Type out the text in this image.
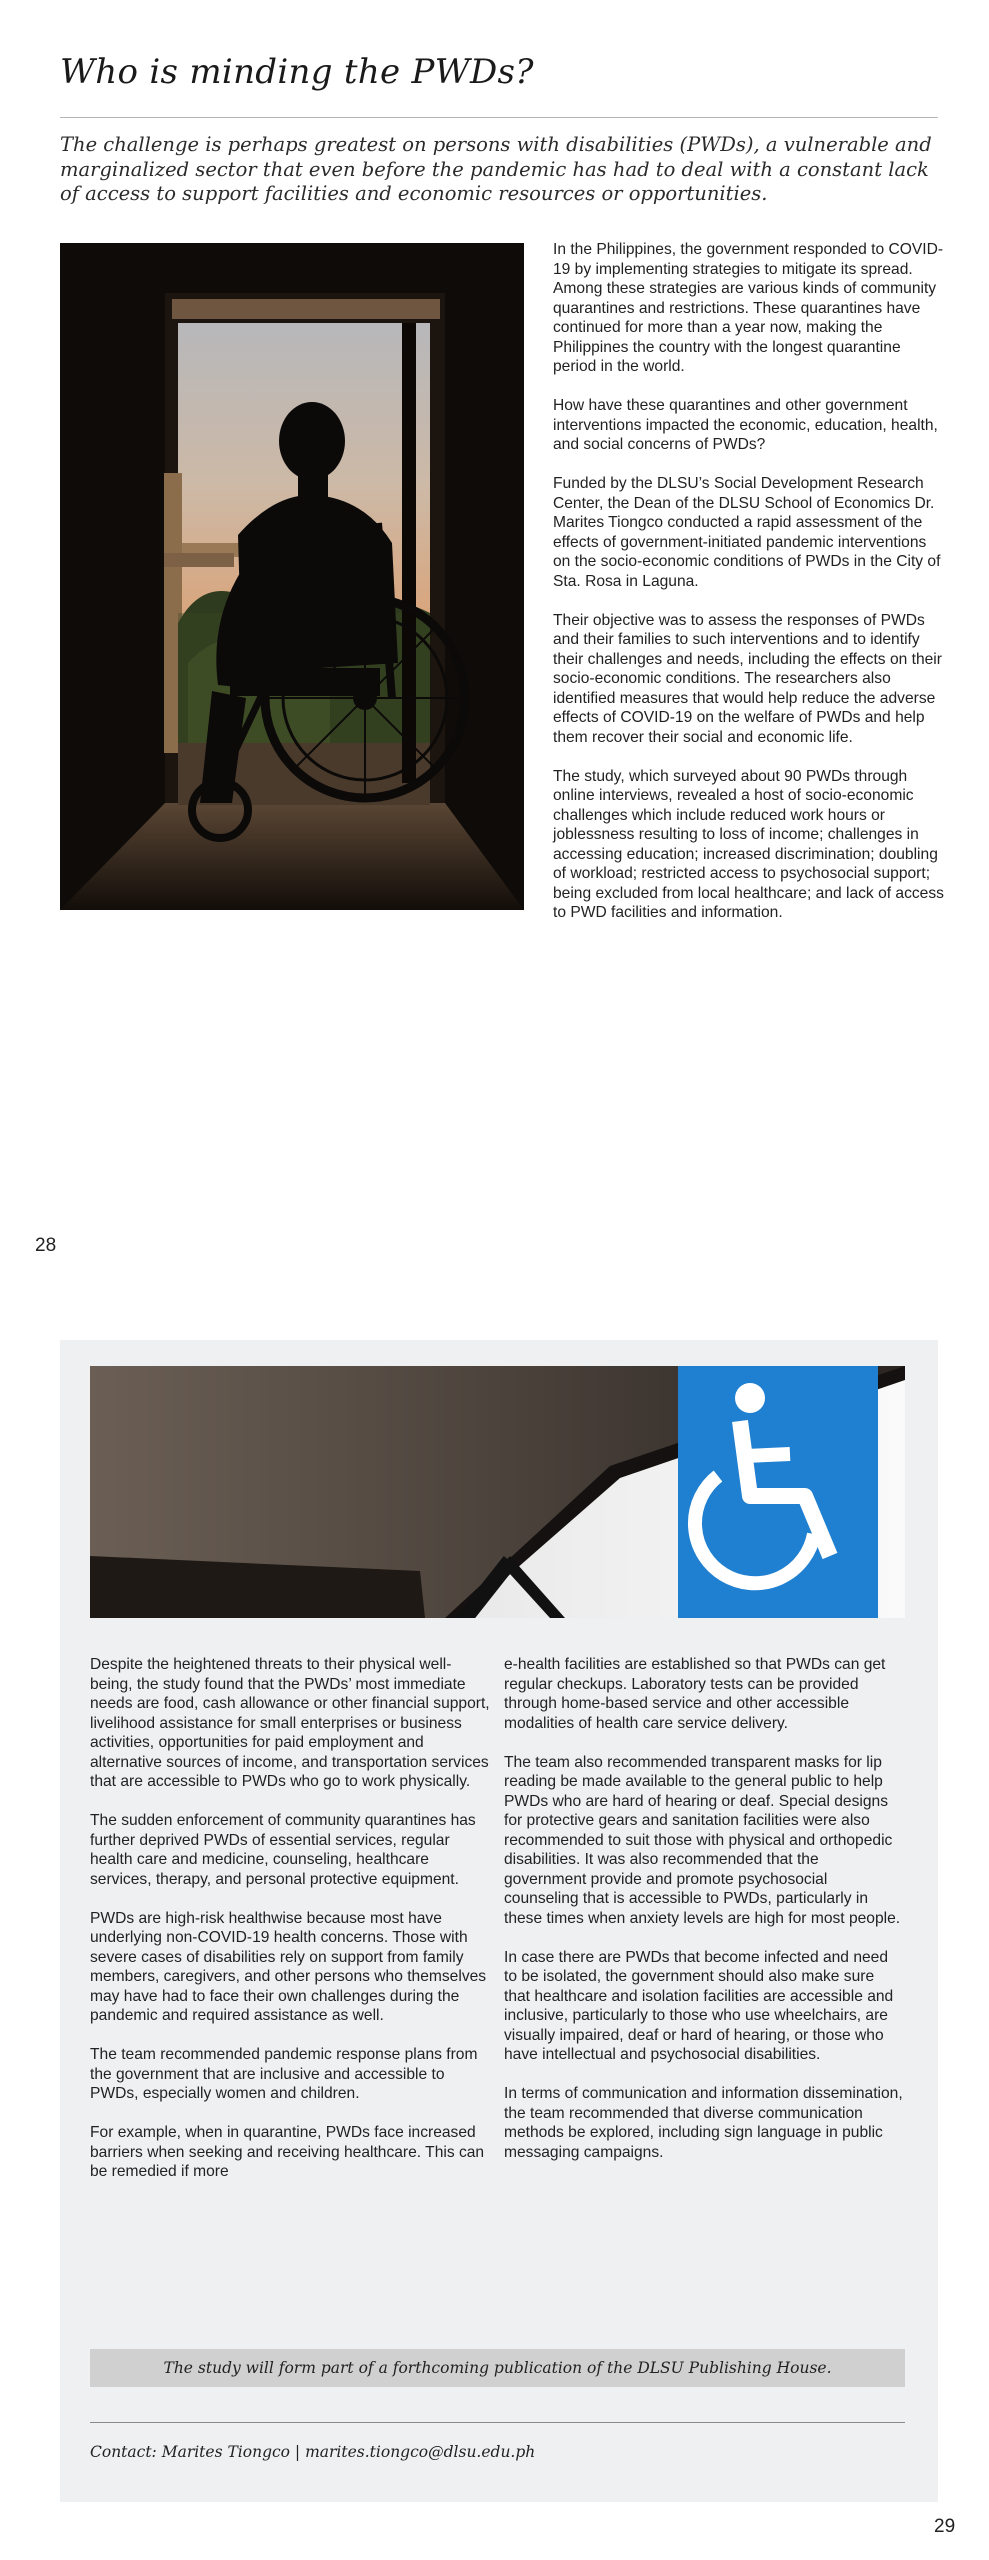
Who is minding the PWDs?

The challenge is perhaps greatest on persons with disabilities (PWDs), a vulnerable and marginalized sector that even before the pandemic has had to deal with a constant lack of access to support facilities and economic resources or opportunities.

In the Philippines, the government responded to COVID-19 by implementing strategies to mitigate its spread. Among these strategies are various kinds of community quarantines and restrictions. These quarantines have continued for more than a year now, making the Philippines the country with the longest quarantine period in the world.

How have these quarantines and other government interventions impacted the economic, education, health, and social concerns of PWDs?

Funded by the DLSU’s Social Development Research Center, the Dean of the DLSU School of Economics Dr. Marites Tiongco conducted a rapid assessment of the effects of government-initiated pandemic interventions on the socio-economic conditions of PWDs in the City of Sta. Rosa in Laguna.

Their objective was to assess the responses of PWDs and their families to such interventions and to identify their challenges and needs, including the effects on their socio-economic conditions. The researchers also identified measures that would help reduce the adverse effects of COVID-19 on the welfare of PWDs and help them recover their social and economic life.

The study, which surveyed about 90 PWDs through online interviews, revealed a host of socio-economic challenges which include reduced work hours or joblessness resulting to loss of income; challenges in accessing education; increased discrimination; doubling of workload; restricted access to psychosocial support; being excluded from local healthcare; and lack of access to PWD facilities and information.

28

Despite the heightened threats to their physical well-being, the study found that the PWDs’ most immediate needs are food, cash allowance or other financial support, livelihood assistance for small enterprises or business activities, opportunities for paid employment and alternative sources of income, and transportation services that are accessible to PWDs who go to work physically.

The sudden enforcement of community quarantines has further deprived PWDs of essential services, regular health care and medicine, counseling, healthcare services, therapy, and personal protective equipment.

PWDs are high-risk healthwise because most have underlying non-COVID-19 health concerns. Those with severe cases of disabilities rely on support from family members, caregivers, and other persons who themselves may have had to face their own challenges during the pandemic and required assistance as well.

The team recommended pandemic response plans from the government that are inclusive and accessible to PWDs, especially women and children.

For example, when in quarantine, PWDs face increased barriers when seeking and receiving healthcare. This can be remedied if more

e-health facilities are established so that PWDs can get regular checkups. Laboratory tests can be provided through home-based service and other accessible modalities of health care service delivery.

The team also recommended transparent masks for lip reading be made available to the general public to help PWDs who are hard of hearing or deaf. Special designs for protective gears and sanitation facilities were also recommended to suit those with physical and orthopedic disabilities. It was also recommended that the government provide and promote psychosocial counseling that is accessible to PWDs, particularly in these times when anxiety levels are high for most people.

In case there are PWDs that become infected and need to be isolated, the government should also make sure that healthcare and isolation facilities are accessible and inclusive, particularly to those who use wheelchairs, are visually impaired, deaf or hard of hearing, or those who have intellectual and psychosocial disabilities.

In terms of communication and information dissemination, the team recommended that diverse communication methods be explored, including sign language in public messaging campaigns.

The study will form part of a forthcoming publication of the DLSU Publishing House.
Contact: Marites Tiongco | marites.tiongco@dlsu.edu.ph
29
